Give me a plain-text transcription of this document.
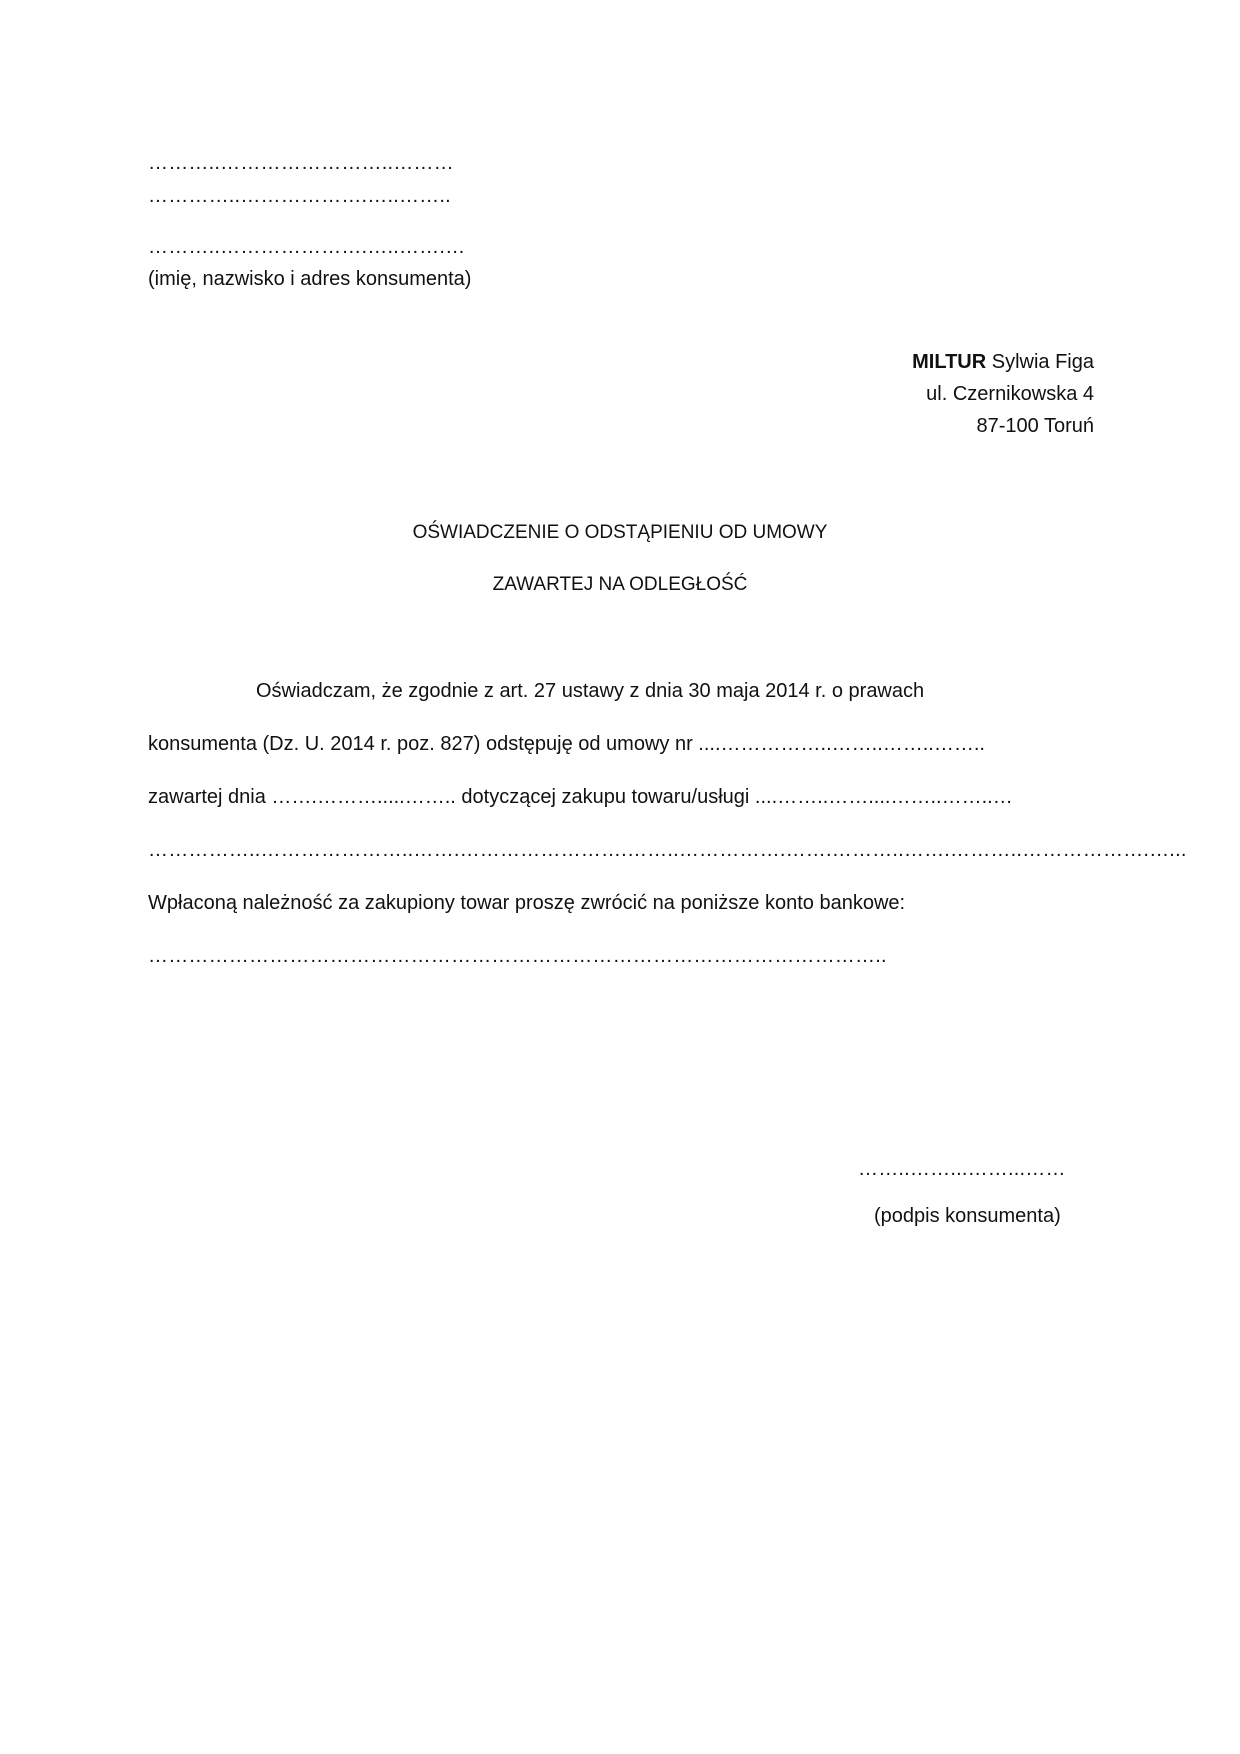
………..……………………..………
…………..……………….…..……..
………..………………….…..…….…
(imię, nazwisko i adres konsumenta)
MILTUR Sylwia Figa
ul. Czernikowska 4
87-100 Toruń
OŚWIADCZENIE O ODSTĄPIENIU OD UMOWY
ZAWARTEJ NA ODLEGŁOŚĆ
Oświadczam, że zgodnie z art. 27 ustawy z dnia 30 maja 2014 r. o prawach
konsumenta (Dz. U. 2014 r. poz. 827) odstępuję od umowy nr ....……………..……..……..……..
zawartej dnia …….……….....…….. dotyczącej zakupu towaru/usługi ....……..……....……..……..…
……………..…………………..…….…………………….……..…………….…….………..…….………..……………….…...
Wpłaconą należność za zakupiony towar proszę zwrócić na poniższe konto bankowe:
………………………………………………………………………………………………..
……..……...……...……
(podpis konsumenta)
